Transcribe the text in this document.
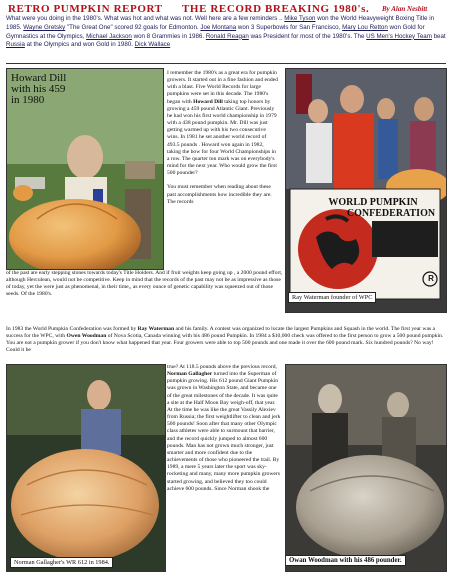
RETRO PUMPKIN REPORT THE RECORD BREAKING 1980's. By Alan Nesbitt
What were you doing in the 1980's. What was hot and what was not. Well here are a few reminders .. Mike Tyson won the World Heavyweight Boxing Title in 1985. Wayne Gretsky "The Great One" scored 92 goals for Edmonton. Joe Montana won 3 Superbowls for San Francisco, Mary Lou Retton won Gold for Gymnastics at the Olympics, Michael Jackson won 8 Grammies in 1986. Ronald Reagan was President for most of the 1980's. The US Men's Hockey Team beat Russia at the Olympics and won Gold in 1980. Dick Wallace
Howard Dill
with his 459
in 1980
I remember the 1980's as a great era for pumpkin growers. It started out in a fine fashion and ended with a blast. Five World Records for large pumpkins were set in this decade. The 1980's began with Howard Dill taking top honors by growing a 459 pound Atlantic Giant. Previously he had won his first world championship in 1979 with a 438 pound pumpkin. Mr. Dill was just getting warmed up with his two consecutive wins. In 1981 he set another world record of 493.5 pounds . Howard won again in 1982, taking the bow for four World Championships in a row. The quarter ton mark was on everybody's mind for the next year. Who would grow the first 500 pounder?
You must remember when reading about these past accomplishments how incredible they are. The records
of the past are early stepping stones towards today's Title Holders. And if fruit weights keep going up , a 2000 pound effort, although Herculean, would not be competitive. Keep in mind that the records of the past may not be as impressive as those of today, yet the were just as phenomenal, in their time,, as every ounce of genetic capability was squeezed out of those seeds. Of the 1980's.
WORLD PUMPKIN
CONFEDERATION
R
Ray Waterman founder of WPC
In 1983 the World Pumpkin Confederation was formed by Ray Waterman and his family. A contest was organized to locate the largest Pumpkins and Squash in the world. The first year was a success for the WPC, with Owen Woodman of Nova Scotia, Canada winning with his 486 pound Pumpkin. In 1984 a $10,000 check was offered to the first person to grow a 500 pound pumpkin. You are not a pumpkin grower if you don't know what happened that year. Four growers were able to top 500 pounds and one made it over the 600 pound mark. Six hundred pounds? No way! Could it be
Norman Gallagher's WR 612 in 1984.
true? At 118.5 pounds above the previous record, Norman Gallagher turned into the Superman of pumpkin growing. His 612 pound Giant Pumpkin was grown in Washington State, and became one of the great milestones of the decade. It was quite a site at the Half Moon Bay weigh-off, that year.
At the time he was like the great Vassily Alexiev from Russia; the first weightlifter to clean and jerk 500 pounds! Soon after that many other Olympic class athletes were able to surmount that barrier, and the record quickly jumped to almost 600 pounds. Man has not grown much stronger, just smarter and more confident due to the achievements of those who pioneered the trail. By 1989, a mere 5 years later the sport was sky-rocketing and many, many more pumpkin growers started growing, and believed they too could achieve 600 pounds. Since Norman shook the
Owan Woodman with his 486 pounder.
